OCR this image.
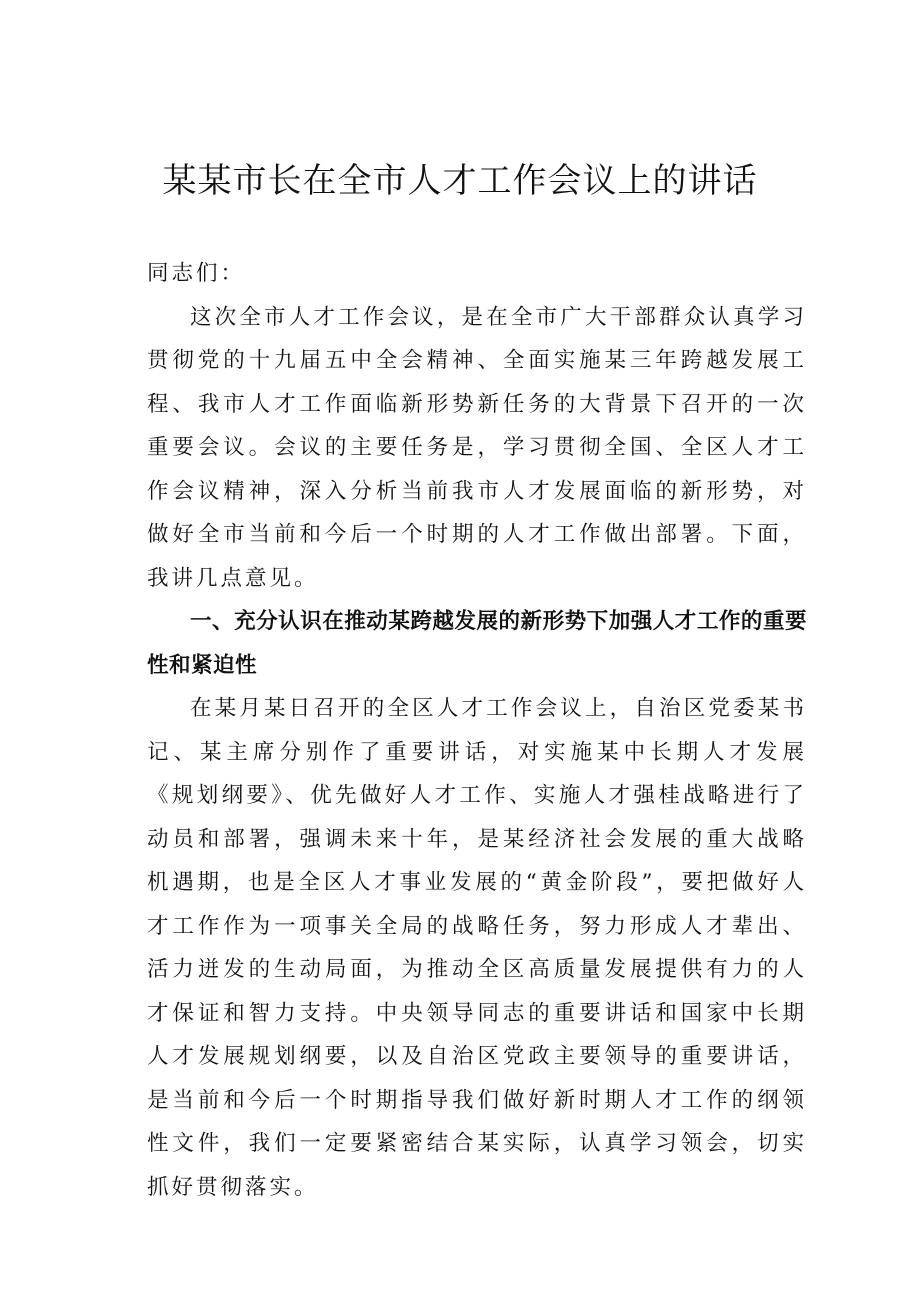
某某市长在全市人才工作会议上的讲话

同志们：

这次全市人才工作会议，是在全市广大干部群众认真学习贯彻党的十九届五中全会精神、全面实施某三年跨越发展工程、我市人才工作面临新形势新任务的大背景下召开的一次重要会议。会议的主要任务是，学习贯彻全国、全区人才工作会议精神，深入分析当前我市人才发展面临的新形势，对做好全市当前和今后一个时期的人才工作做出部署。下面，我讲几点意见。

一、充分认识在推动某跨越发展的新形势下加强人才工作的重要性和紧迫性

在某月某日召开的全区人才工作会议上，自治区党委某书记、某主席分别作了重要讲话，对实施某中长期人才发展《规划纲要》、优先做好人才工作、实施人才强桂战略进行了动员和部署，强调未来十年，是某经济社会发展的重大战略机遇期，也是全区人才事业发展的“黄金阶段”，要把做好人才工作作为一项事关全局的战略任务，努力形成人才辈出、活力迸发的生动局面，为推动全区高质量发展提供有力的人才保证和智力支持。中央领导同志的重要讲话和国家中长期人才发展规划纲要，以及自治区党政主要领导的重要讲话，是当前和今后一个时期指导我们做好新时期人才工作的纲领性文件，我们一定要紧密结合某实际，认真学习领会，切实抓好贯彻落实。
